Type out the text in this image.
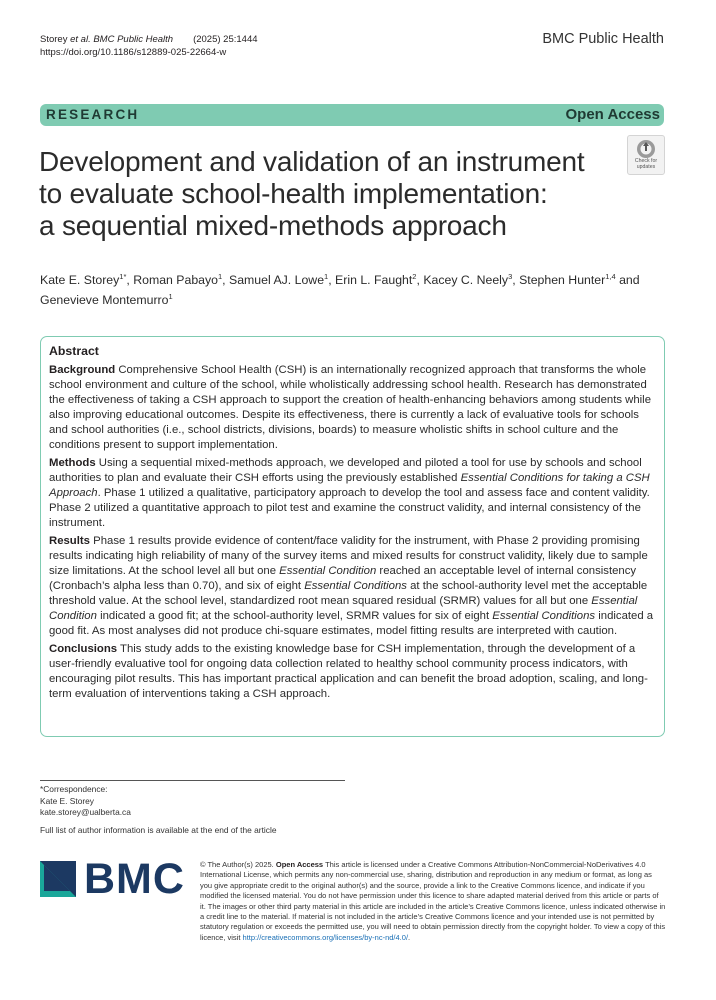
Storey et al. BMC Public Health (2025) 25:1444
https://doi.org/10.1186/s12889-025-22664-w
BMC Public Health
RESEARCH	Open Access
Development and validation of an instrument
to evaluate school-health implementation:
a sequential mixed-methods approach
Check for
updates
Kate E. Storey$^{1*}$, Roman Pabayo$^1$, Samuel AJ. Lowe$^1$, Erin L. Faught$^2$, Kacey C. Neely$^3$, Stephen Hunter$^{1,4}$ and
Genevieve Montemurro$^1$
Abstract

Background Comprehensive School Health (CSH) is an internationally recognized approach that transforms the whole school environment and culture of the school, while wholistically addressing school health. Research has demonstrated the effectiveness of taking a CSH approach to support the creation of health-enhancing behaviors among students while also improving educational outcomes. Despite its effectiveness, there is currently a lack of evaluative tools for schools and school authorities (i.e., school districts, divisions, boards) to measure wholistic shifts in school culture and the conditions present to support implementation.

Methods Using a sequential mixed-methods approach, we developed and piloted a tool for use by schools and school authorities to plan and evaluate their CSH efforts using the previously established Essential Conditions for taking a CSH Approach. Phase 1 utilized a qualitative, participatory approach to develop the tool and assess face and content validity. Phase 2 utilized a quantitative approach to pilot test and examine the construct validity, and internal consistency of the instrument.

Results Phase 1 results provide evidence of content/face validity for the instrument, with Phase 2 providing promising results indicating high reliability of many of the survey items and mixed results for construct validity, likely due to sample size limitations. At the school level all but one Essential Condition reached an acceptable level of internal consistency (Cronbach’s alpha less than 0.70), and six of eight Essential Conditions at the school-authority level met the acceptable threshold value. At the school level, standardized root mean squared residual (SRMR) values for all but one Essential Condition indicated a good fit; at the school-authority level, SRMR values for six of eight Essential Conditions indicated a good fit. As most analyses did not produce chi-square estimates, model fitting results are interpreted with caution.

Conclusions This study adds to the existing knowledge base for CSH implementation, through the development of a user-friendly evaluative tool for ongoing data collection related to healthy school community process indicators, with encouraging pilot results. This has important practical application and can benefit the broad adoption, scaling, and long-term evaluation of interventions taking a CSH approach.

*Correspondence:
Kate E. Storey
kate.storey@ualberta.ca
Full list of author information is available at the end of the article
BMC © The Author(s) 2025. Open Access This article is licensed under a Creative Commons Attribution-NonCommercial-NoDerivatives 4.0 International License, which permits any non-commercial use, sharing, distribution and reproduction in any medium or format, as long as you give appropriate credit to the original author(s) and the source, provide a link to the Creative Commons licence, and indicate if you modified the licensed material. You do not have permission under this licence to share adapted material derived from this article or parts of it. The images or other third party material in this article are included in the article’s Creative Commons licence, unless indicated otherwise in a credit line to the material. If material is not included in the article’s Creative Commons licence and your intended use is not permitted by statutory regulation or exceeds the permitted use, you will need to obtain permission directly from the copyright holder. To view a copy of this licence, visit http://creativecommons.org/licenses/by-nc-nd/4.0/.
